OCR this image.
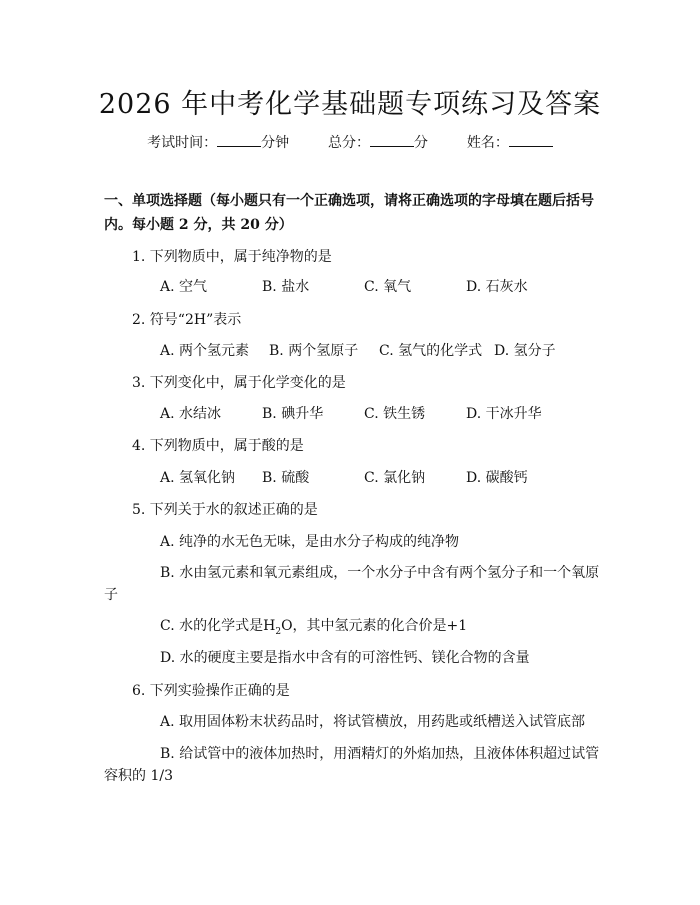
2026 年中考化学基础题专项练习及答案
考试时间：	分钟	总分：	分	姓名：
一、单项选择题（每小题只有一个正确选项，请将正确选项的字母填在题后括号内。每小题 2 分，共 20 分）
1. 下列物质中，属于纯净物的是
A. 空气	B. 盐水	C. 氧气	D. 石灰水
2. 符号“2H”表示
A. 两个氢元素 B. 两个氢原子 C. 氢气的化学式 D. 氢分子
3. 下列变化中，属于化学变化的是
A. 水结冰	B. 碘升华	C. 铁生锈	D. 干冰升华
4. 下列物质中，属于酸的是
A. 氢氧化钠 B. 硫酸	C. 氯化钠	D. 碳酸钙
5. 下列关于水的叙述正确的是
A. 纯净的水无色无味，是由水分子构成的纯净物
B. 水由氢元素和氧元素组成，一个水分子中含有两个氢分子和一个氧原
子
C. 水的化学式是$H_2O$，其中氢元素的化合价是+1
D. 水的硬度主要是指水中含有的可溶性钙、镁化合物的含量
6. 下列实验操作正确的是
A. 取用固体粉末状药品时，将试管横放，用药匙或纸槽送入试管底部
B. 给试管中的液体加热时，用酒精灯的外焰加热，且液体体积超过试管
容积的 1/3
